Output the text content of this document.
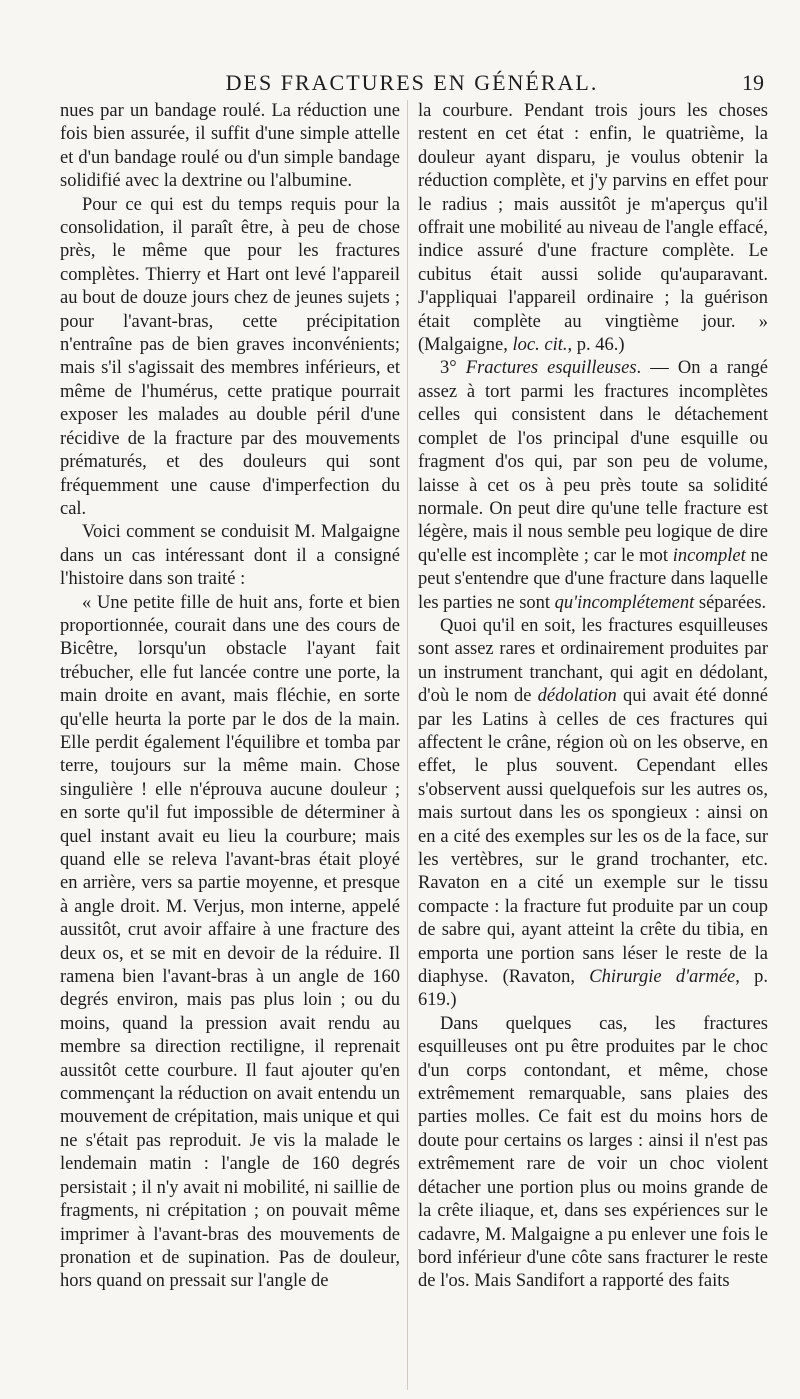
DES FRACTURES EN GÉNÉRAL.	19

nues par un bandage roulé. La réduction une fois bien assurée, il suffit d'une simple attelle et d'un bandage roulé ou d'un simple bandage solidifié avec la dextrine ou l'albumine.

Pour ce qui est du temps requis pour la consolidation, il paraît être, à peu de chose près, le même que pour les fractures complètes. Thierry et Hart ont levé l'appareil au bout de douze jours chez de jeunes sujets ; pour l'avant-bras, cette précipitation n'entraîne pas de bien graves inconvénients; mais s'il s'agissait des membres inférieurs, et même de l'humérus, cette pratique pourrait exposer les malades au double péril d'une récidive de la fracture par des mouvements prématurés, et des douleurs qui sont fréquemment une cause d'imperfection du cal.

Voici comment se conduisit M. Malgaigne dans un cas intéressant dont il a consigné l'histoire dans son traité :

« Une petite fille de huit ans, forte et bien proportionnée, courait dans une des cours de Bicêtre, lorsqu'un obstacle l'ayant fait trébucher, elle fut lancée contre une porte, la main droite en avant, mais fléchie, en sorte qu'elle heurta la porte par le dos de la main. Elle perdit également l'équilibre et tomba par terre, toujours sur la même main. Chose singulière ! elle n'éprouva aucune douleur ; en sorte qu'il fut impossible de déterminer à quel instant avait eu lieu la courbure; mais quand elle se releva l'avant-bras était ployé en arrière, vers sa partie moyenne, et presque à angle droit. M. Verjus, mon interne, appelé aussitôt, crut avoir affaire à une fracture des deux os, et se mit en devoir de la réduire. Il ramena bien l'avant-bras à un angle de 160 degrés environ, mais pas plus loin ; ou du moins, quand la pression avait rendu au membre sa direction rectiligne, il reprenait aussitôt cette courbure. Il faut ajouter qu'en commençant la réduction on avait entendu un mouvement de crépitation, mais unique et qui ne s'était pas reproduit. Je vis la malade le lendemain matin : l'angle de 160 degrés persistait ; il n'y avait ni mobilité, ni saillie de fragments, ni crépitation ; on pouvait même imprimer à l'avant-bras des mouvements de pronation et de supination. Pas de douleur, hors quand on pressait sur l'angle de

la courbure. Pendant trois jours les choses restent en cet état : enfin, le quatrième, la douleur ayant disparu, je voulus obtenir la réduction complète, et j'y parvins en effet pour le radius ; mais aussitôt je m'aperçus qu'il offrait une mobilité au niveau de l'angle effacé, indice assuré d'une fracture complète. Le cubitus était aussi solide qu'auparavant. J'appliquai l'appareil ordinaire ; la guérison était complète au vingtième jour. » (Malgaigne, loc. cit., p. 46.)

3° Fractures esquilleuses. — On a rangé assez à tort parmi les fractures incomplètes celles qui consistent dans le détachement complet de l'os principal d'une esquille ou fragment d'os qui, par son peu de volume, laisse à cet os à peu près toute sa solidité normale. On peut dire qu'une telle fracture est légère, mais il nous semble peu logique de dire qu'elle est incomplète ; car le mot incomplet ne peut s'entendre que d'une fracture dans laquelle les parties ne sont qu'incomplétement séparées.

Quoi qu'il en soit, les fractures esquilleuses sont assez rares et ordinairement produites par un instrument tranchant, qui agit en dédolant, d'où le nom de dédolation qui avait été donné par les Latins à celles de ces fractures qui affectent le crâne, région où on les observe, en effet, le plus souvent. Cependant elles s'observent aussi quelquefois sur les autres os, mais surtout dans les os spongieux : ainsi on en a cité des exemples sur les os de la face, sur les vertèbres, sur le grand trochanter, etc. Ravaton en a cité un exemple sur le tissu compacte : la fracture fut produite par un coup de sabre qui, ayant atteint la crête du tibia, en emporta une portion sans léser le reste de la diaphyse. (Ravaton, Chirurgie d'armée, p. 619.)

Dans quelques cas, les fractures esquilleuses ont pu être produites par le choc d'un corps contondant, et même, chose extrêmement remarquable, sans plaies des parties molles. Ce fait est du moins hors de doute pour certains os larges : ainsi il n'est pas extrêmement rare de voir un choc violent détacher une portion plus ou moins grande de la crête iliaque, et, dans ses expériences sur le cadavre, M. Malgaigne a pu enlever une fois le bord inférieur d'une côte sans fracturer le reste de l'os. Mais Sandifort a rapporté des faits
